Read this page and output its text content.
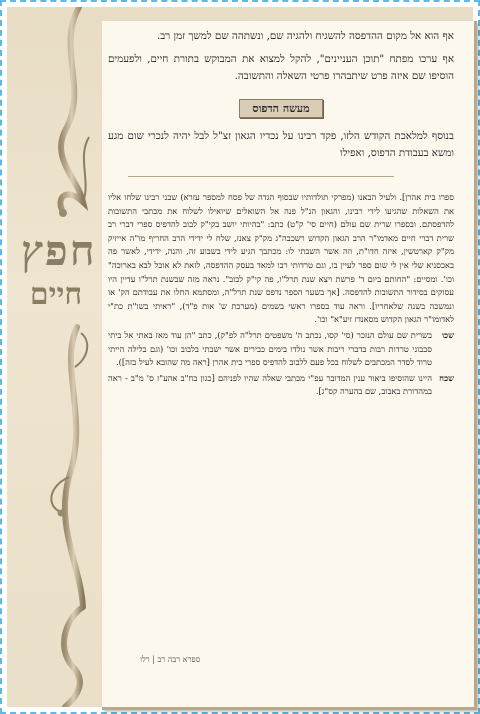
חפץ
חיים

אף הוא אל מקום ההדפסה להשגיח ולהגיה שם, ונשתהה שם למשך זמן רב.

אף ערכו מפתח "תוכן העניינים", להקל למצוא את המבוקש בתורת חיים, ולפעמים הוסיפו שם איזה פרט שיתבהרו פרטי השאלה והתשובה.

מעשה הדפוס

בנוסף למלאכת הקודש הלזו, פקד רבינו על נכדיו הגאון זצ"ל לבל יהיה לנכרי שום מגע ומשא בעבודת הדפוס, ואפילו

ספרו בית אהרן]. ולעיל הבאנו (מפרקי תולדותיו שבסוף הגדה של פסח למספר עזרא) שבני רבינו שלחו אליו את השאלות שהגיעו לידי רבינו, והגאון הנ"ל פנה אל השואלים שיואילו לשלוח את מכתבי התשובות להדפסתם. ובספרו שרית שם עולם (חיים סי' ק"ט) כתב: "בהיותי יושב בקי"ק לבוב להדפיס ספרי דברי רב שרית דברי חיים מאדמו"ר הרב הגאון הקדוש רשכבה"ג מק"ק צאנז, שלח לי ידידי הרב החריף מו"ה אייזיק מק"ק קארטשין, איזה חדו"ת, וזה אשר השבתי לו: מכתבך הגיע לידי בשבוע זה, והנה, ידידי, לאשר פה באכסניא שלי אין לי שום ספר לעיין בו, וגם טרדותי רבו למאד בעסק ההדפסה, לזאת לא אוכל לבא בארוכה" וכו'. ומסיים: "החותם ביום ד' פרשת ויצא שנת תרל"ו, פה קי"ק לבוב". נראה מזה שבשנת תרל"ו עדיין היו עסוקים בסידור התשובות להדפסה. [אך בשער הספר נדפס שנת תרל"ה, ומסתמא החלו את עבודתם הק' או ונמשכה בשנה שלאחריו]. וראה עוד בספרו ראשי בשמים (מערכת ש' אות פ"ד), "ראיתי בשו"ת כת"י לאדומו"ר הגאון הקדוש מסאנדז זיע"א" וכו'.

שכו
בשרית שם עולם הנזכר (סי' קסו, נכתב ה' משפטים תרל"ה לפ"ק), כתב "הן עוד מאז באתי אל ביתי סבבוני טרדות רבות בדברי ריבות אשר נולדו בימים כבירים אשר ישבתי בלבוב וכו' (וגם בלילה הייתי טרוד לסדר המכתבים לשלוח בכל פעם ללבוב להדפיס ספרי בית אהרן [ראה מה שהובא לעיל בזה]).
שכח
היינו שהוסיפו ביאור ענין המדובר עפ"י מכתבי שאלה שהיו לפניהם [כגון בח"ב אהע"ז ס' מ"ב - ראה במהדורת באבוב, שם בהערה קס"ג].
ספרא רבה רב | רלו
